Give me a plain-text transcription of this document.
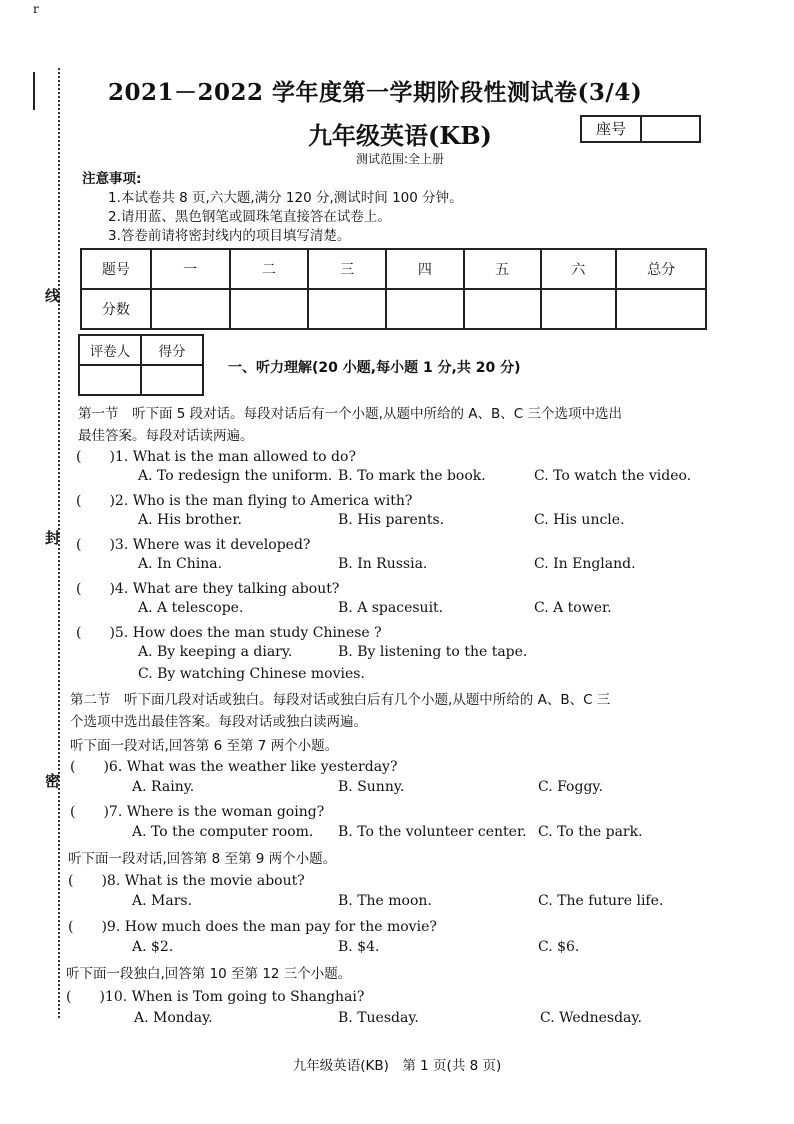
r
线
封
密
2021－2022 学年度第一学期阶段性测试卷(3/4)
九年级英语(KB)	座号
测试范围:全上册
注意事项:
1.本试卷共 8 页,六大题,满分 120 分,测试时间 100 分钟。
2.请用蓝、黑色钢笔或圆珠笔直接答在试卷上。
3.答卷前请将密封线内的项目填写清楚。
题号	一	二	三	四	五	六	总分
分数							
评卷人	得分

一、听力理解(20 小题,每小题 1 分,共 20 分)
第一节　听下面 5 段对话。每段对话后有一个小题,从题中所给的 A、B、C 三个选项中选出
最佳答案。每段对话读两遍。
(　　)1. What is the man allowed to do?
A. To redesign the uniform. B. To mark the book.	C. To watch the video.
(　　)2. Who is the man flying to America with?
A. His brother.	B. His parents.	C. His uncle.
(　　)3. Where was it developed?
A. In China.	B. In Russia.	C. In England.
(　　)4. What are they talking about?
A. A telescope.	B. A spacesuit.	C. A tower.
(　　)5. How does the man study Chinese ?
A. By keeping a diary.	B. By listening to the tape.
C. By watching Chinese movies.
第二节　听下面几段对话或独白。每段对话或独白后有几个小题,从题中所给的 A、B、C 三
个选项中选出最佳答案。每段对话或独白读两遍。
听下面一段对话,回答第 6 至第 7 两个小题。
(　　)6. What was the weather like yesterday?
A. Rainy.	B. Sunny.	C. Foggy.
(　　)7. Where is the woman going?
A. To the computer room. B. To the volunteer center. C. To the park.
听下面一段对话,回答第 8 至第 9 两个小题。
(　　)8. What is the movie about?
A. Mars.	B. The moon.	C. The future life.
(　　)9. How much does the man pay for the movie?
A. $2.	B. $4.	C. $6.
听下面一段独白,回答第 10 至第 12 三个小题。
(　　)10. When is Tom going to Shanghai?
A. Monday.	B. Tuesday.	C. Wednesday.
九年级英语(KB)　第 1 页(共 8 页)
